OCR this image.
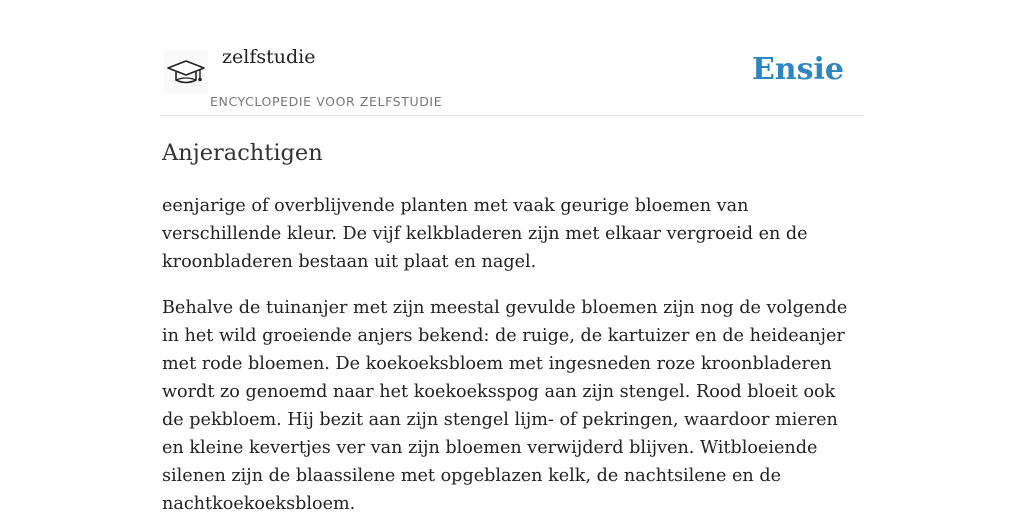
zelfstudie
ENCYCLOPEDIE VOOR ZELFSTUDIE
Ensie
Anjerachtigen

eenjarige of overblijvende planten met vaak geurige bloemen van verschillende kleur. De vijf kelkbladeren zijn met elkaar vergroeid en de kroonbladeren bestaan uit plaat en nagel.

Behalve de tuinanjer met zijn meestal gevulde bloemen zijn nog de volgende in het wild groeiende anjers bekend: de ruige, de kartuizer en de heideanjer met rode bloemen. De koekoeksbloem met ingesneden roze kroonbladeren wordt zo genoemd naar het koekoeksspog aan zijn stengel. Rood bloeit ook de pekbloem. Hij bezit aan zijn stengel lijm- of pekringen, waardoor mieren en kleine kevertjes ver van zijn bloemen verwijderd blijven. Witbloeiende silenen zijn de blaassilene met opgeblazen kelk, de nachtsilene en de nachtkoekoeksbloem.
